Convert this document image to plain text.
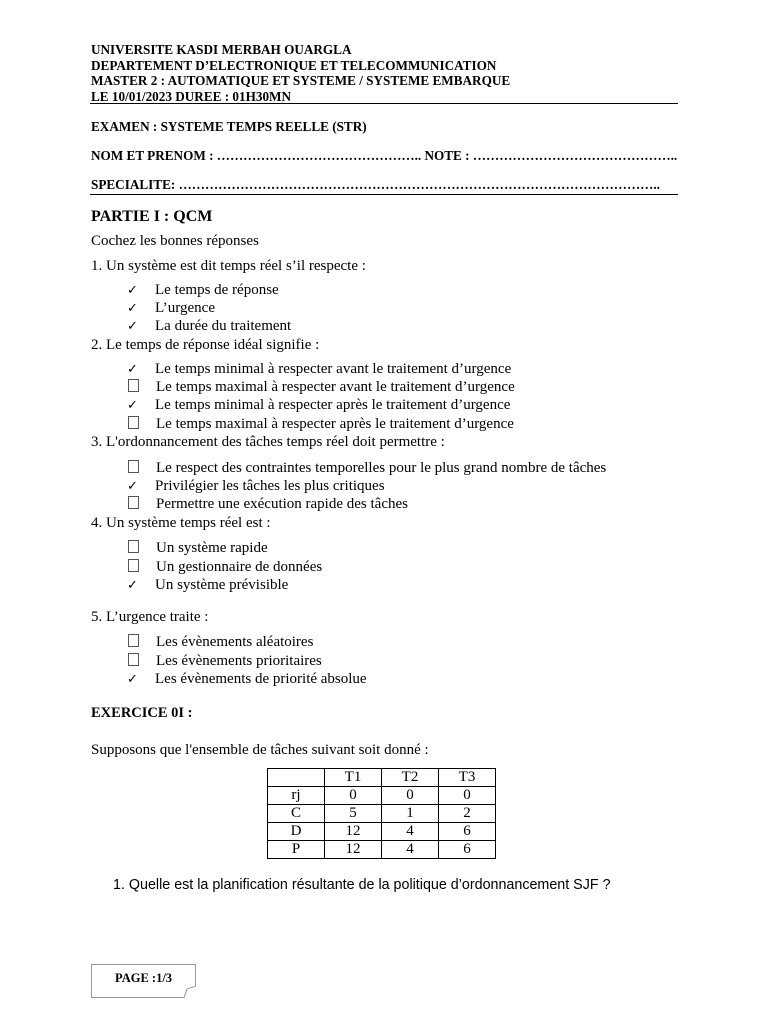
UNIVERSITE KASDI MERBAH OUARGLA
DEPARTEMENT D’ELECTRONIQUE ET TELECOMMUNICATION
MASTER 2 : AUTOMATIQUE ET SYSTEME / SYSTEME EMBARQUE
LE 10/01/2023 DUREE : 01H30MN
EXAMEN : SYSTEME TEMPS REELLE (STR)
NOM ET PRENOM : ……………………………………….. NOTE : ………………………………………..
SPECIALITE: ………………………………………………………………………………………………..
PARTIE I : QCM
Cochez les bonnes réponses
1. Un système est dit temps réel s’il respecte :
✓ Le temps de réponse
✓ L’urgence
✓ La durée du traitement
2. Le temps de réponse idéal signifie :
✓ Le temps minimal à respecter avant le traitement d’urgence
Le temps maximal à respecter avant le traitement d’urgence
✓ Le temps minimal à respecter après le traitement d’urgence
Le temps maximal à respecter après le traitement d’urgence
3. L'ordonnancement des tâches temps réel doit permettre :
Le respect des contraintes temporelles pour le plus grand nombre de tâches
✓ Privilégier les tâches les plus critiques
Permettre une exécution rapide des tâches
4. Un système temps réel est :
Un système rapide
Un gestionnaire de données
✓ Un système prévisible
5. L’urgence traite :
Les évènements aléatoires
Les évènements prioritaires
✓ Les évènements de priorité absolue
EXERCICE 0I :
Supposons que l'ensemble de tâches suivant soit donné :
	T1	T2	T3
rj	0	0	0
C	5	1	2
D	12	4	6
P	12	4	6
1. Quelle est la planification résultante de la politique d’ordonnancement SJF ?
PAGE :1/3
